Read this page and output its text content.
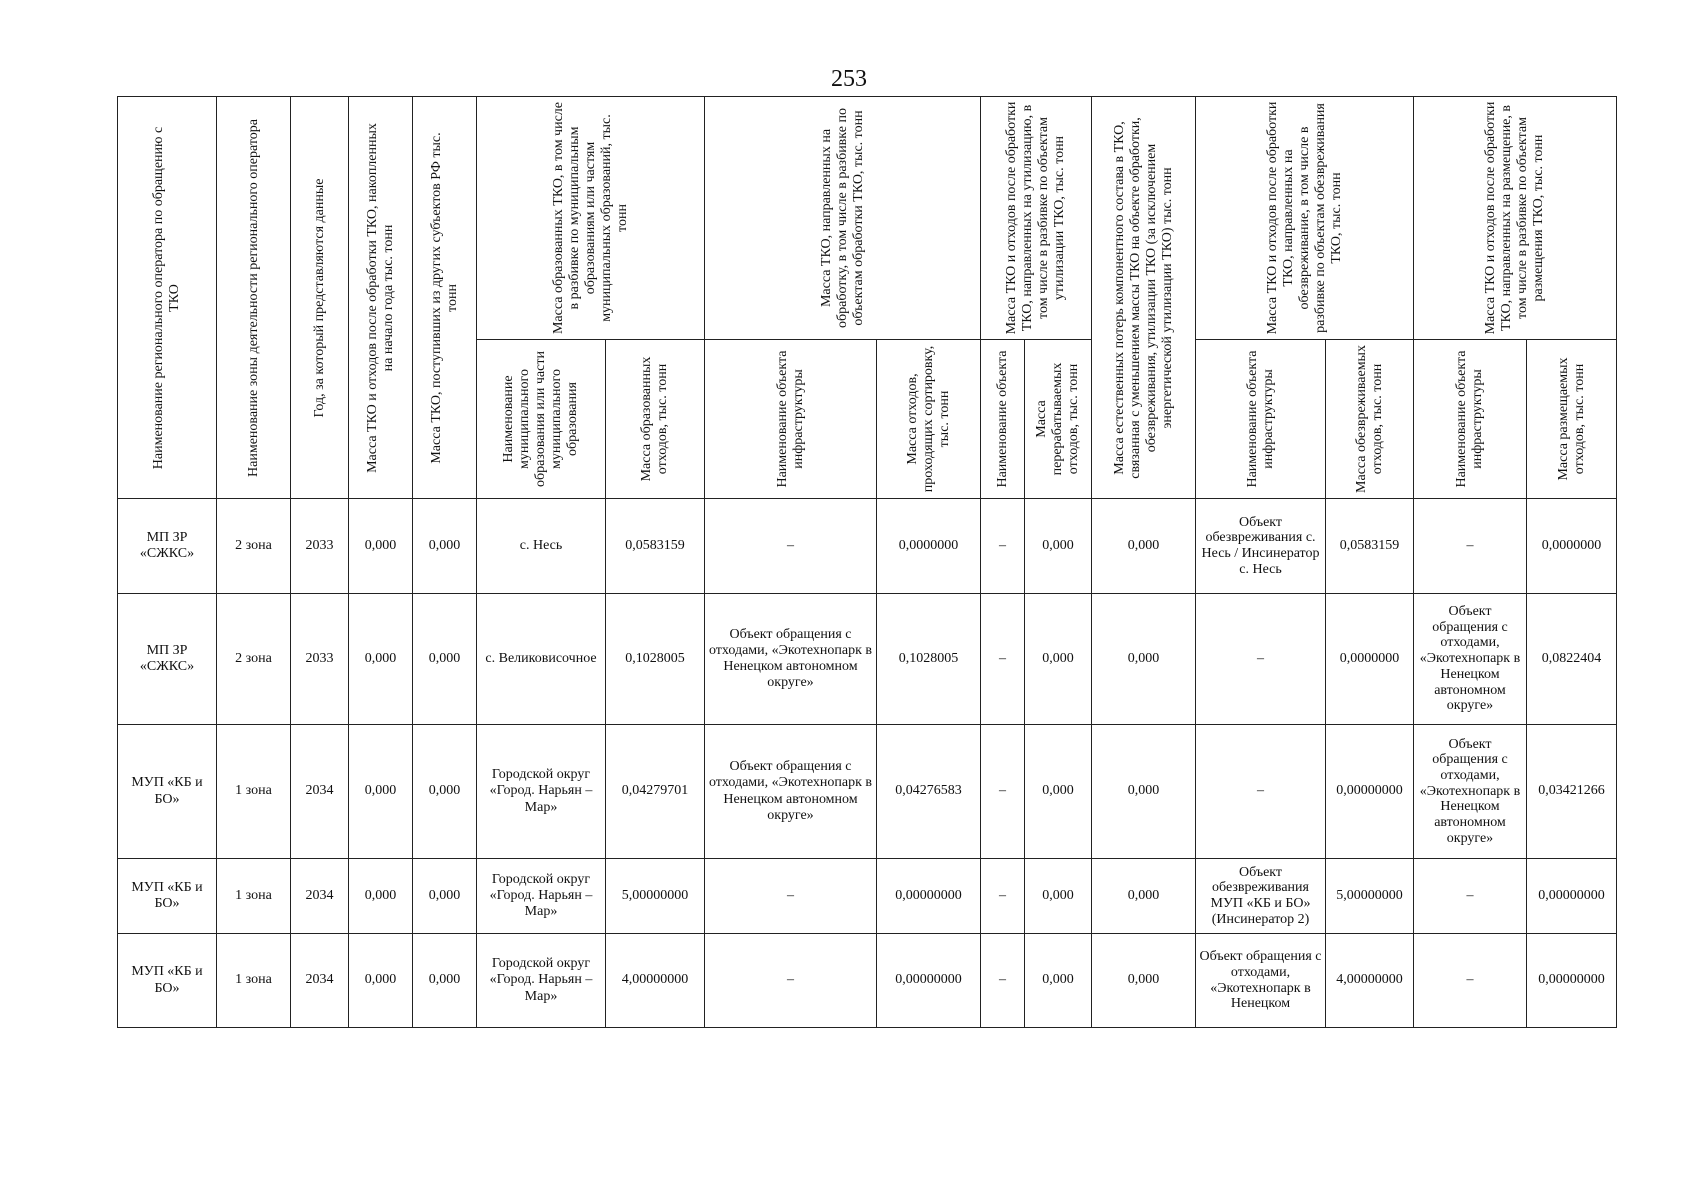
253
Наименование регионального оператора по обращению с ТКО	Наименование зоны деятельности регионального оператора	Год, за который представляются данные	Масса ТКО и отходов после обработки ТКО, накопленных на начало года тыс. тонн	Масса ТКО, поступивших из других субъектов РФ тыс. тонн	Масса образованных ТКО, в том числе в разбивке по муниципальным образованиям или частям муниципальных образований, тыс. тонн		Масса ТКО, направленных на обработку, в том числе в разбивке по объектам обработки ТКО, тыс. тонн		Масса ТКО и отходов после обработки ТКО, направленных на утилизацию, в том числе в разбивке по объектам утилизации ТКО, тыс. тонн		Масса естественных потерь компонентного состава в ТКО, связанная с уменьшением массы ТКО на объекте обработки, обезвреживания, утилизации ТКО (за исключением энергетической утилизации ТКО) тыс. тонн	Масса ТКО и отходов после обработки ТКО, направленных на обезвреживание, в том числе в разбивке по объектам обезвреживания ТКО, тыс. тонн		Масса ТКО и отходов после обработки ТКО, направленных на размещение, в том числе в разбивке по объектам размещения ТКО, тыс. тонн	

					Наименование муниципального образования или части муниципального образования	Масса образованных отходов, тыс. тонн	Наименование объекта инфраструктуры	Масса отходов, проходящих сортировку, тыс. тонн	Наименование объекта	Масса перерабатываемых отходов, тыс. тонн		Наименование объекта инфраструктуры	Масса обезвреживаемых отходов, тыс. тонн	Наименование объекта инфраструктуры	Масса размещаемых отходов, тыс. тонн

МП ЗР «СЖКС»	2 зона	2033	0,000	0,000	с. Несь	0,0583159	–	0,0000000	–	0,000	0,000	Объект обезвреживания с. Несь / Инсинератор с. Несь	0,0583159	–	0,0000000
МП ЗР «СЖКС»	2 зона	2033	0,000	0,000	с. Великовисочное	0,1028005	Объект обращения с отходами, «Экотехнопарк в Ненецком автономном округе»	0,1028005	–	0,000	0,000	–	0,0000000	Объект обращения с отходами, «Экотехнопарк в Ненецком автономном округе»	0,0822404
МУП «КБ и БО»	1 зона	2034	0,000	0,000	Городской округ «Город. Нарьян – Мар»	0,04279701	Объект обращения с отходами, «Экотехнопарк в Ненецком автономном округе»	0,04276583	–	0,000	0,000	–	0,00000000	Объект обращения с отходами, «Экотехнопарк в Ненецком автономном округе»	0,03421266
МУП «КБ и БО»	1 зона	2034	0,000	0,000	Городской округ «Город. Нарьян – Мар»	5,00000000	–	0,00000000	–	0,000	0,000	Объект обезвреживания МУП «КБ и БО» (Инсинератор 2)	5,00000000	–	0,00000000
МУП «КБ и БО»	1 зона	2034	0,000	0,000	Городской округ «Город. Нарьян – Мар»	4,00000000	–	0,00000000	–	0,000	0,000	Объект обращения с отходами, «Экотехнопарк в Ненецком	4,00000000	–	0,00000000
